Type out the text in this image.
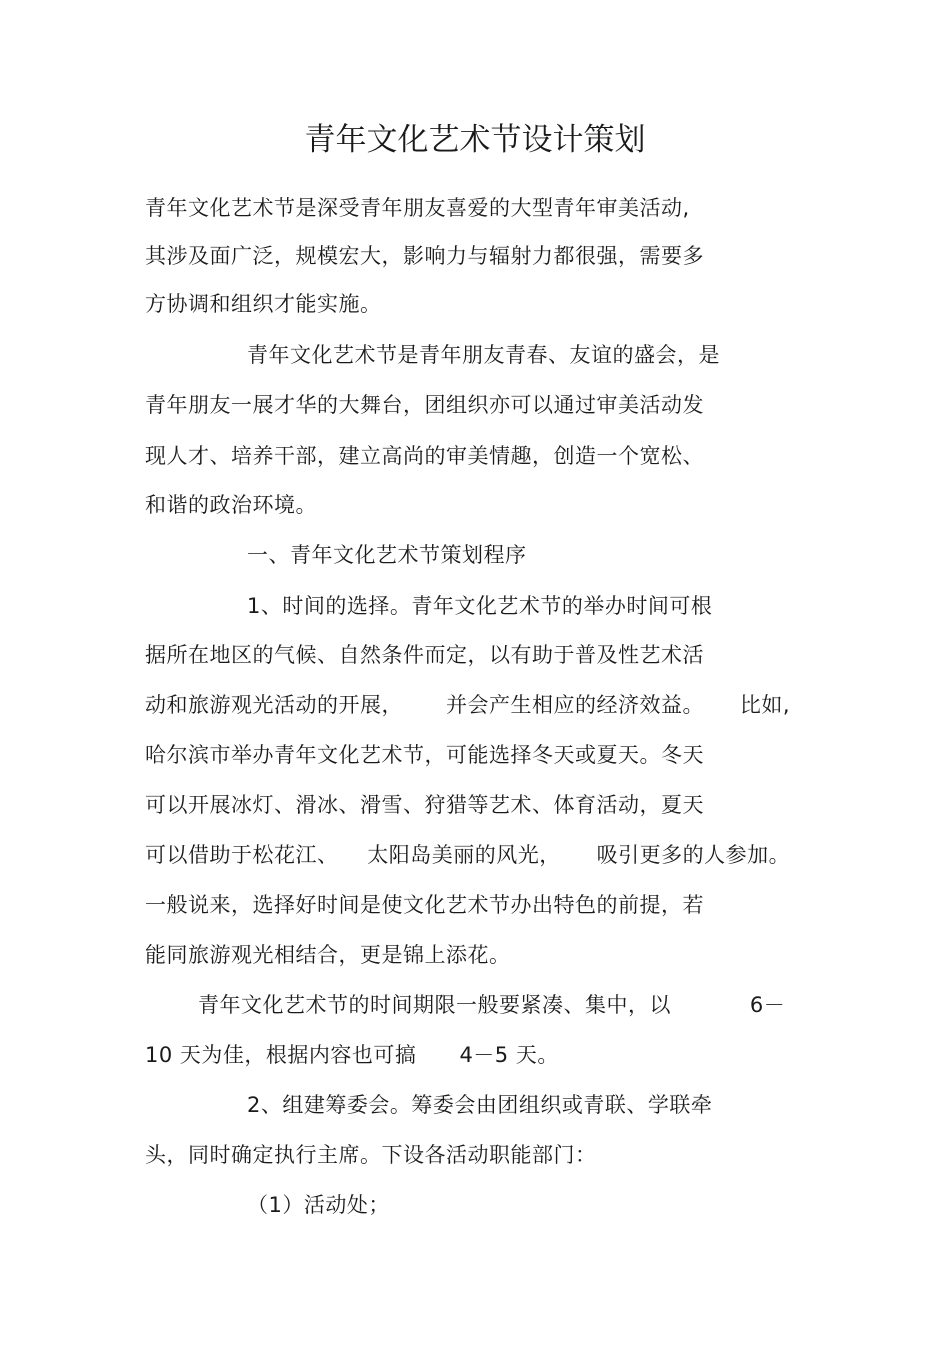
青年文化艺术节设计策划
青年文化艺术节是深受青年朋友喜爱的大型青年审美活动,
其涉及面广泛，规模宏大，影响力与辐射力都很强，需要多
方协调和组织才能实施。
青年文化艺术节是青年朋友青春、友谊的盛会，是
青年朋友一展才华的大舞台，团组织亦可以通过审美活动发
现人才、培养干部，建立高尚的审美情趣，创造一个宽松、
和谐的政治环境。
一、青年文化艺术节策划程序
1、时间的选择。青年文化艺术节的举办时间可根
据所在地区的气候、自然条件而定，以有助于普及性艺术活
动和旅游观光活动的开展，      并会产生相应的经济效益。     比如,
哈尔滨市举办青年文化艺术节，可能选择冬天或夏天。冬天
可以开展冰灯、滑冰、滑雪、狩猎等艺术、体育活动，夏天
可以借助于松花江、    太阳岛美丽的风光，     吸引更多的人参加。
一般说来，选择好时间是使文化艺术节办出特色的前提，若
能同旅游观光相结合，更是锦上添花。
青年文化艺术节的时间期限一般要紧凑、集中，以           6－
10 天为佳，根据内容也可搞      4－5 天。
2、组建筹委会。筹委会由团组织或青联、学联牵
头，同时确定执行主席。下设各活动职能部门：
（1）活动处；
